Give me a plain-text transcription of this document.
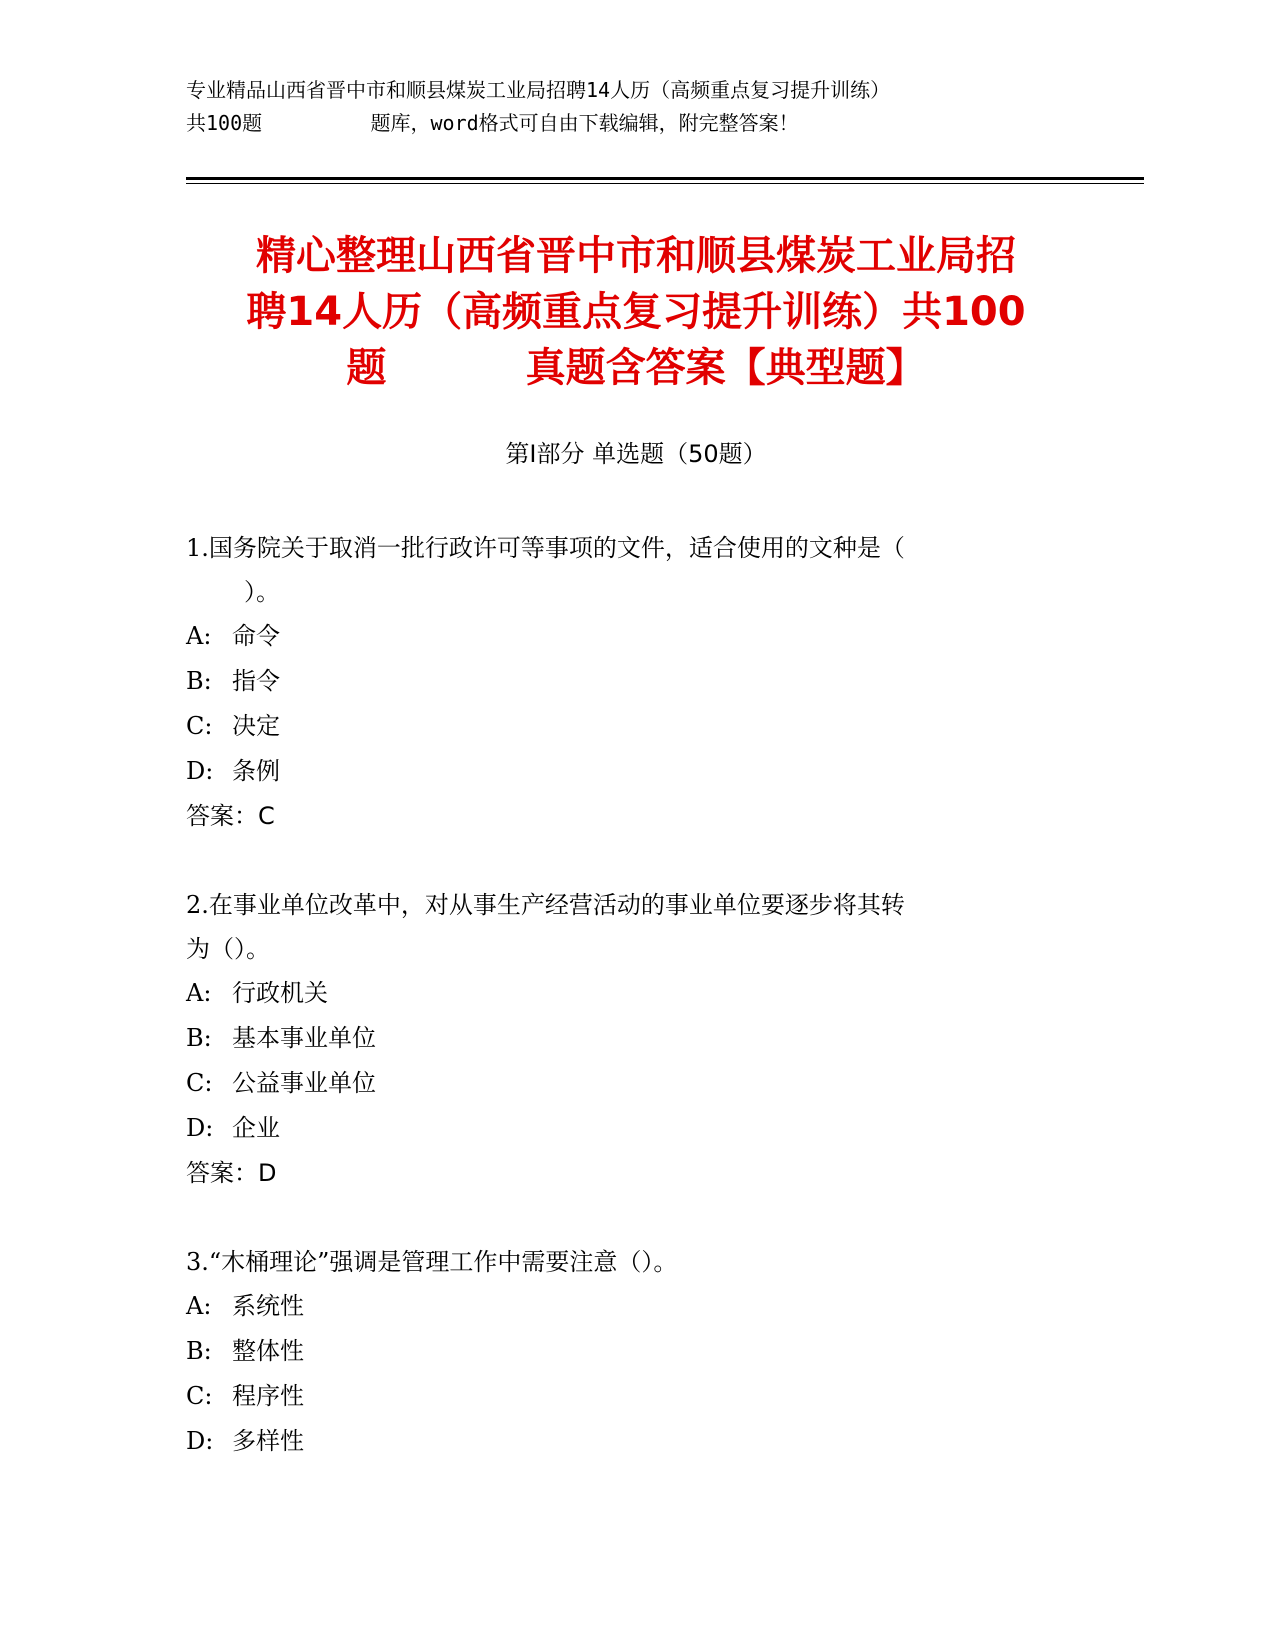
专业精品山西省晋中市和顺县煤炭工业局招聘14人历（高频重点复习提升训练）
共100题         题库，word格式可自由下载编辑，附完整答案！
精心整理山西省晋中市和顺县煤炭工业局招
聘14人历（高频重点复习提升训练）共100
题          真题含答案【典型题】
第Ⅰ部分 单选题（50题）
1.国务院关于取消一批行政许可等事项的文件，适合使用的文种是（
）。
A: 命令
B: 指令
C: 决定
D: 条例
答案：C
2.在事业单位改革中，对从事生产经营活动的事业单位要逐步将其转
为（）。
A: 行政机关
B: 基本事业单位
C: 公益事业单位
D: 企业
答案：D
3.“木桶理论”强调是管理工作中需要注意（）。
A: 系统性
B: 整体性
C: 程序性
D: 多样性
